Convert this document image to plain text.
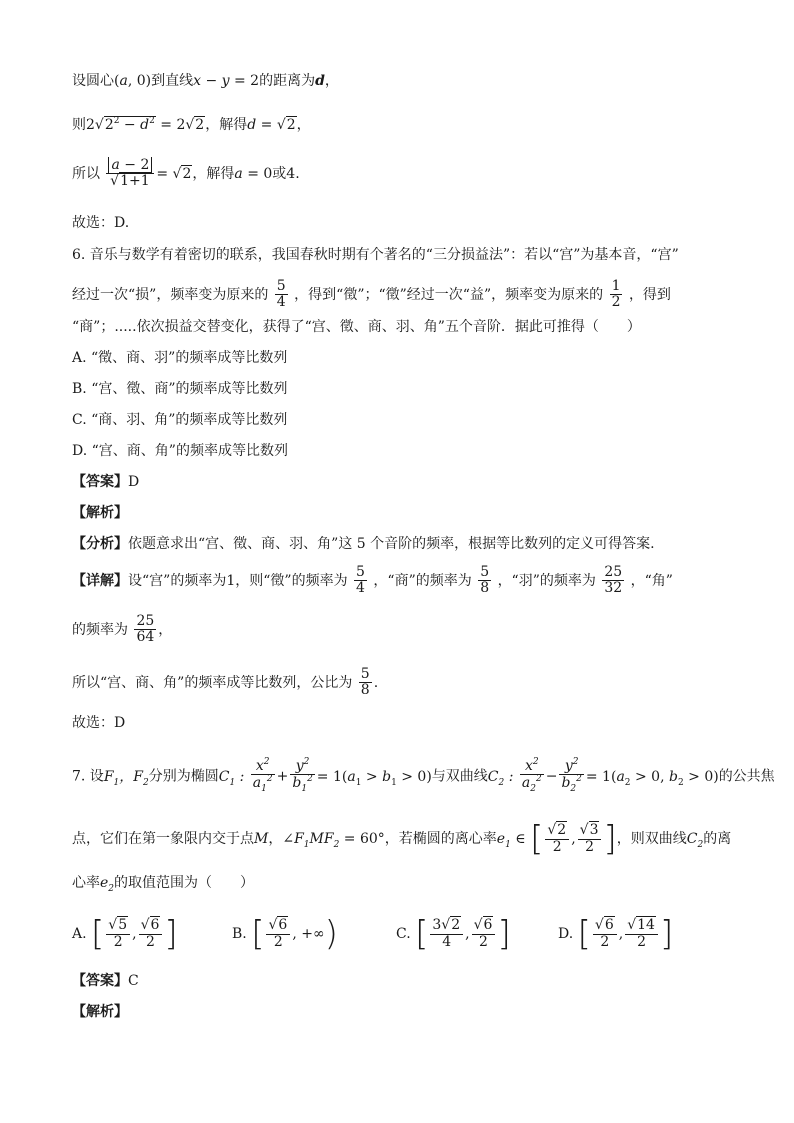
设圆心(a, 0)到直线x − y = 2的距离为d，
则$2√2^2 - d^2 = 2√2$，解得d = √2，
所以 $\frac{a - 2}{√1+1} = √2$，解得a = 0或4.
故选：D.
6. 音乐与数学有着密切的联系，我国春秋时期有个著名的“三分损益法”：若以“宫”为基本音，“宫”
经过一次“损”，频率变为原来的 $\frac{5}{4}$ ，得到“徵”；“徵”经过一次“益”，频率变为原来的 $\frac{1}{2}$ ，得到
“商”；.....依次损益交替变化，获得了“宫、徵、商、羽、角”五个音阶．据此可推得（　　）
A. “徵、商、羽”的频率成等比数列
B. “宫、徵、商”的频率成等比数列
C. “商、羽、角”的频率成等比数列
D. “宫、商、角”的频率成等比数列
【答案】D
【解析】
【分析】依题意求出“宫、徵、商、羽、角”这 5 个音阶的频率，根据等比数列的定义可得答案.
【详解】设“宫”的频率为1，则“徵”的频率为 $\frac{5}{4}$ ，“商”的频率为 $\frac{5}{8}$ ，“羽”的频率为 $\frac{25}{32}$ ，“角”
的频率为 $\frac{25}{64}$ ，
所以“宫、商、角”的频率成等比数列，公比为 $\frac{5}{8}$ .
故选：D
7. 设$F_1$，$F_2$分别为椭圆$C_1$ : $\frac{x^2}{a_1^2} + \frac{y^2}{b_1^2} = 1(a_1 > b_1 > 0)$与双曲线$C_2$ : $\frac{x^2}{a_2^2} - \frac{y^2}{b_2^2} = 1(a_2 > 0$, $b_2 > 0$)的公共焦
点，它们在第一象限内交于点M，$\angle F_1MF_2 = 60^\circ$，若椭圆的离心率$e_1$ ∈ [ $\frac{√2}{2}$ , $\frac{√3}{2}$ ]，则双曲线$C_2$的离
心率$e_2$的取值范围为（　　）
A. [ $\frac{√5}{2}$ , $\frac{√6}{2}$ ]	B. [ $\frac{√6}{2}$ , +∞)	C. [ $\frac{3√2}{4}$ , $\frac{√6}{2}$ ]	D. [ $\frac{√6}{2}$ , $\frac{√14}{2}$ ]
【答案】C
【解析】
